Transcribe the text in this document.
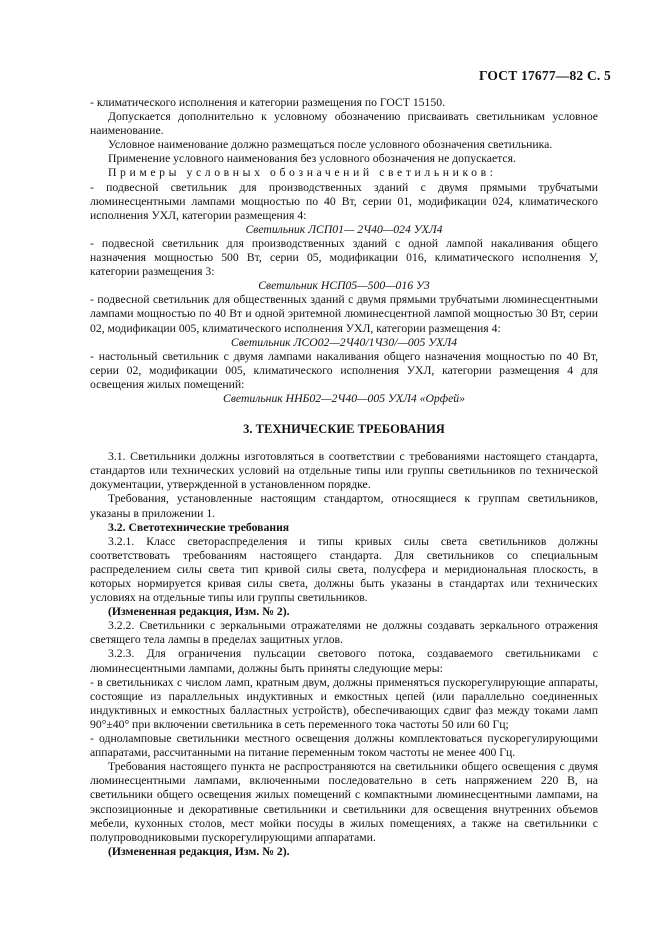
ГОСТ 17677—82 С. 5

- климатического исполнения и категории размещения по ГОСТ 15150.

Допускается дополнительно к условному обозначению присваивать светильникам условное наименование.

Условное наименование должно размещаться после условного обозначения светильника.

Применение условного наименования без условного обозначения не допускается.

Примеры условных обозначений светильников:

- подвесной светильник для производственных зданий с двумя прямыми трубчатыми люминесцентными лампами мощностью по 40 Вт, серии 01, модификации 024, климатического исполнения УХЛ, категории размещения 4:

Светильник ЛСП01— 2Ч40—024 УХЛ4

- подвесной светильник для производственных зданий с одной лампой накаливания общего назначения мощностью 500 Вт, серии 05, модификации 016, климатического исполнения У, категории размещения 3:

Светильник НСП05—500—016 У3

- подвесной светильник для общественных зданий с двумя прямыми трубчатыми люминесцентными лампами мощностью по 40 Вт и одной эритемной люминесцентной лампой мощностью 30 Вт, серии 02, модификации 005, климатического исполнения УХЛ, категории размещения 4:

Светильник ЛСО02—2Ч40/1Ч30/—005 УХЛ4

- настольный светильник с двумя лампами накаливания общего назначения мощностью по 40 Вт, серии 02, модификации 005, климатического исполнения УХЛ, категории размещения 4 для освещения жилых помещений:

Светильник ННБ02—2Ч40—005 УХЛ4 «Орфей»

3. ТЕХНИЧЕСКИЕ ТРЕБОВАНИЯ

3.1. Светильники должны изготовляться в соответствии с требованиями настоящего стандарта, стандартов или технических условий на отдельные типы или группы светильников по технической документации, утвержденной в установленном порядке.

Требования, установленные настоящим стандартом, относящиеся к группам светильников, указаны в приложении 1.

3.2. Светотехнические требования

3.2.1. Класс светораспределения и типы кривых силы света светильников должны соответствовать требованиям настоящего стандарта. Для светильников со специальным распределением силы света тип кривой силы света, полусфера и меридиональная плоскость, в которых нормируется кривая силы света, должны быть указаны в стандартах или технических условиях на отдельные типы или группы светильников.

(Измененная редакция, Изм. № 2).

3.2.2. Светильники с зеркальными отражателями не должны создавать зеркального отражения светящего тела лампы в пределах защитных углов.

3.2.3. Для ограничения пульсации светового потока, создаваемого светильниками с люминесцентными лампами, должны быть приняты следующие меры:

- в светильниках с числом ламп, кратным двум, должны применяться пускорегулирующие аппараты, состоящие из параллельных индуктивных и емкостных цепей (или параллельно соединенных индуктивных и емкостных балластных устройств), обеспечивающих сдвиг фаз между токами ламп 90°±40° при включении светильника в сеть переменного тока частоты 50 или 60 Гц;

- одноламповые светильники местного освещения должны комплектоваться пускорегулирующими аппаратами, рассчитанными на питание переменным током частоты не менее 400 Гц.

Требования настоящего пункта не распространяются на светильники общего освещения с двумя люминесцентными лампами, включенными последовательно в сеть напряжением 220 В, на светильники общего освещения жилых помещений с компактными люминесцентными лампами, на экспозиционные и декоративные светильники и светильники для освещения внутренних объемов мебели, кухонных столов, мест мойки посуды в жилых помещениях, а также на светильники с полупроводниковыми пускорегулирующими аппаратами.

(Измененная редакция, Изм. № 2).
